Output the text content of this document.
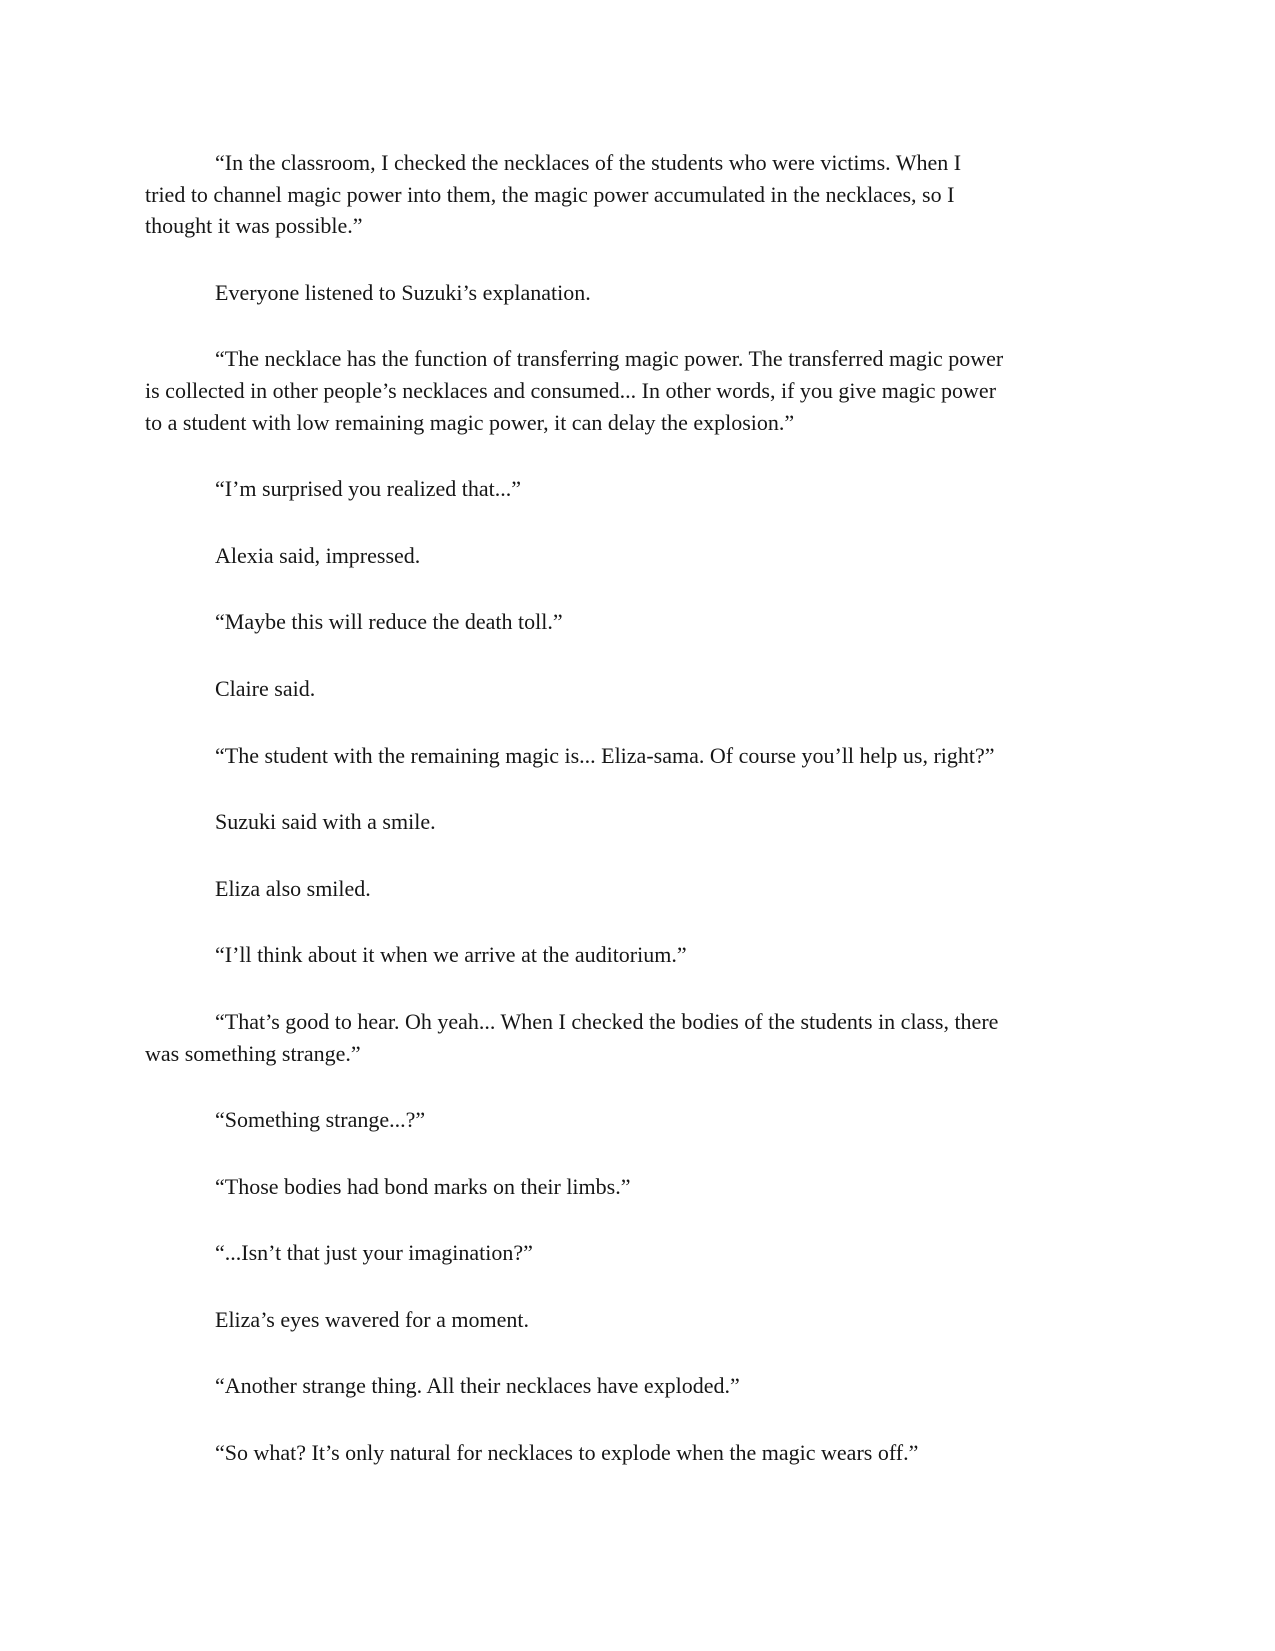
“In the classroom, I checked the necklaces of the students who were victims. When I
tried to channel magic power into them, the magic power accumulated in the necklaces, so I
thought it was possible.”

Everyone listened to Suzuki’s explanation.

“The necklace has the function of transferring magic power. The transferred magic power
is collected in other people’s necklaces and consumed... In other words, if you give magic power
to a student with low remaining magic power, it can delay the explosion.”

“I’m surprised you realized that...”

Alexia said, impressed.

“Maybe this will reduce the death toll.”

Claire said.

“The student with the remaining magic is... Eliza-sama. Of course you’ll help us, right?”

Suzuki said with a smile.

Eliza also smiled.

“I’ll think about it when we arrive at the auditorium.”

“That’s good to hear. Oh yeah... When I checked the bodies of the students in class, there
was something strange.”

“Something strange...?”

“Those bodies had bond marks on their limbs.”

“...Isn’t that just your imagination?”

Eliza’s eyes wavered for a moment.

“Another strange thing. All their necklaces have exploded.”

“So what? It’s only natural for necklaces to explode when the magic wears off.”
